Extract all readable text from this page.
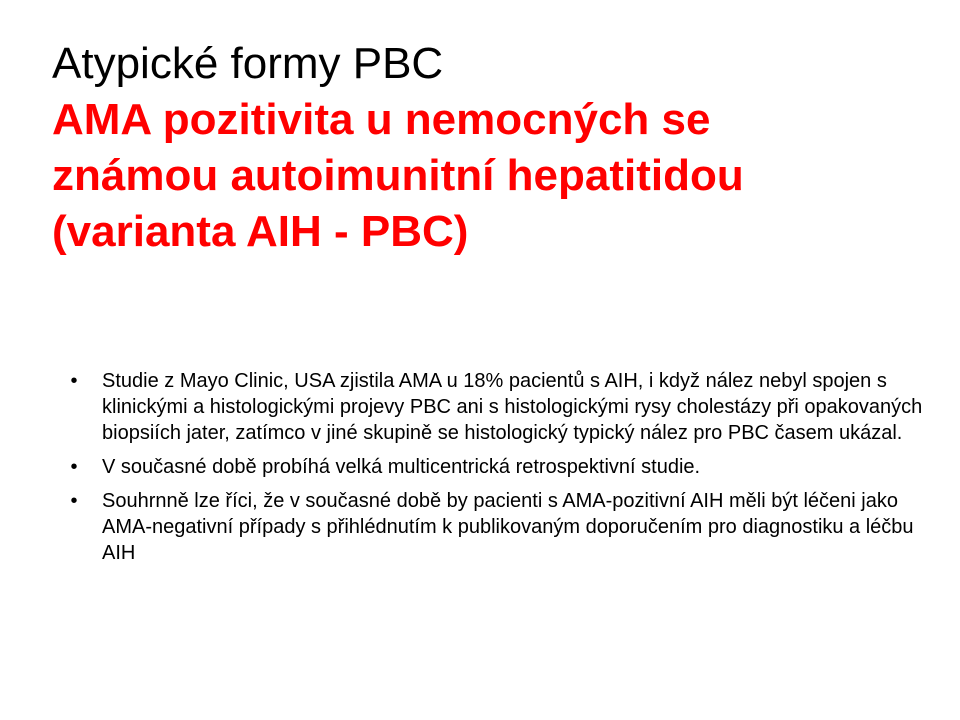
Atypické formy PBC

AMA pozitivita u nemocných se

známou autoimunitní hepatitidou

(varianta AIH - PBC)

•	Studie z Mayo Clinic, USA zjistila AMA u 18% pacientů s AIH, i když nález nebyl spojen s klinickými a histologickými projevy PBC ani s histologickými rysy cholestázy při opakovaných biopsiích jater, zatímco v jiné skupině se histologický typický nález pro PBC časem ukázal.
•	V současné době probíhá velká multicentrická retrospektivní studie.
•	Souhrnně lze říci, že v současné době by pacienti s AMA-pozitivní AIH měli být léčeni jako AMA-negativní případy s přihlédnutím k publikovaným doporučením pro diagnostiku a léčbu AIH
